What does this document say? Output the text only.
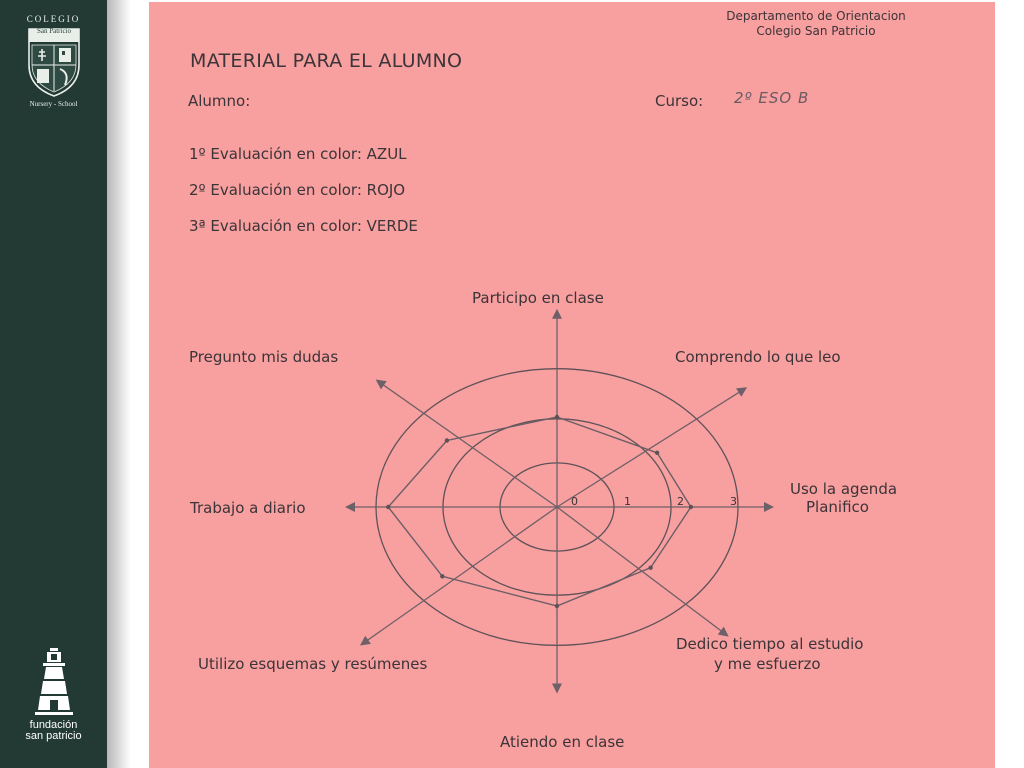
COLEGIO
San Patricio
Nursery - School
fundación
san patricio
Departamento de Orientacion
Colegio San Patricio
MATERIAL PARA EL ALUMNO
Alumno:	Curso: 2º ESO B
1º Evaluación en color: AZUL
2º Evaluación en color: ROJO
3ª Evaluación en color: VERDE
0	1	2	3
Participo en clase
Comprendo lo que leo
Uso la agenda
Planifico
Dedico tiempo al estudio
y me esfuerzo
Atiendo en clase
Utilizo esquemas y resúmenes
Trabajo a diario
Pregunto mis dudas
